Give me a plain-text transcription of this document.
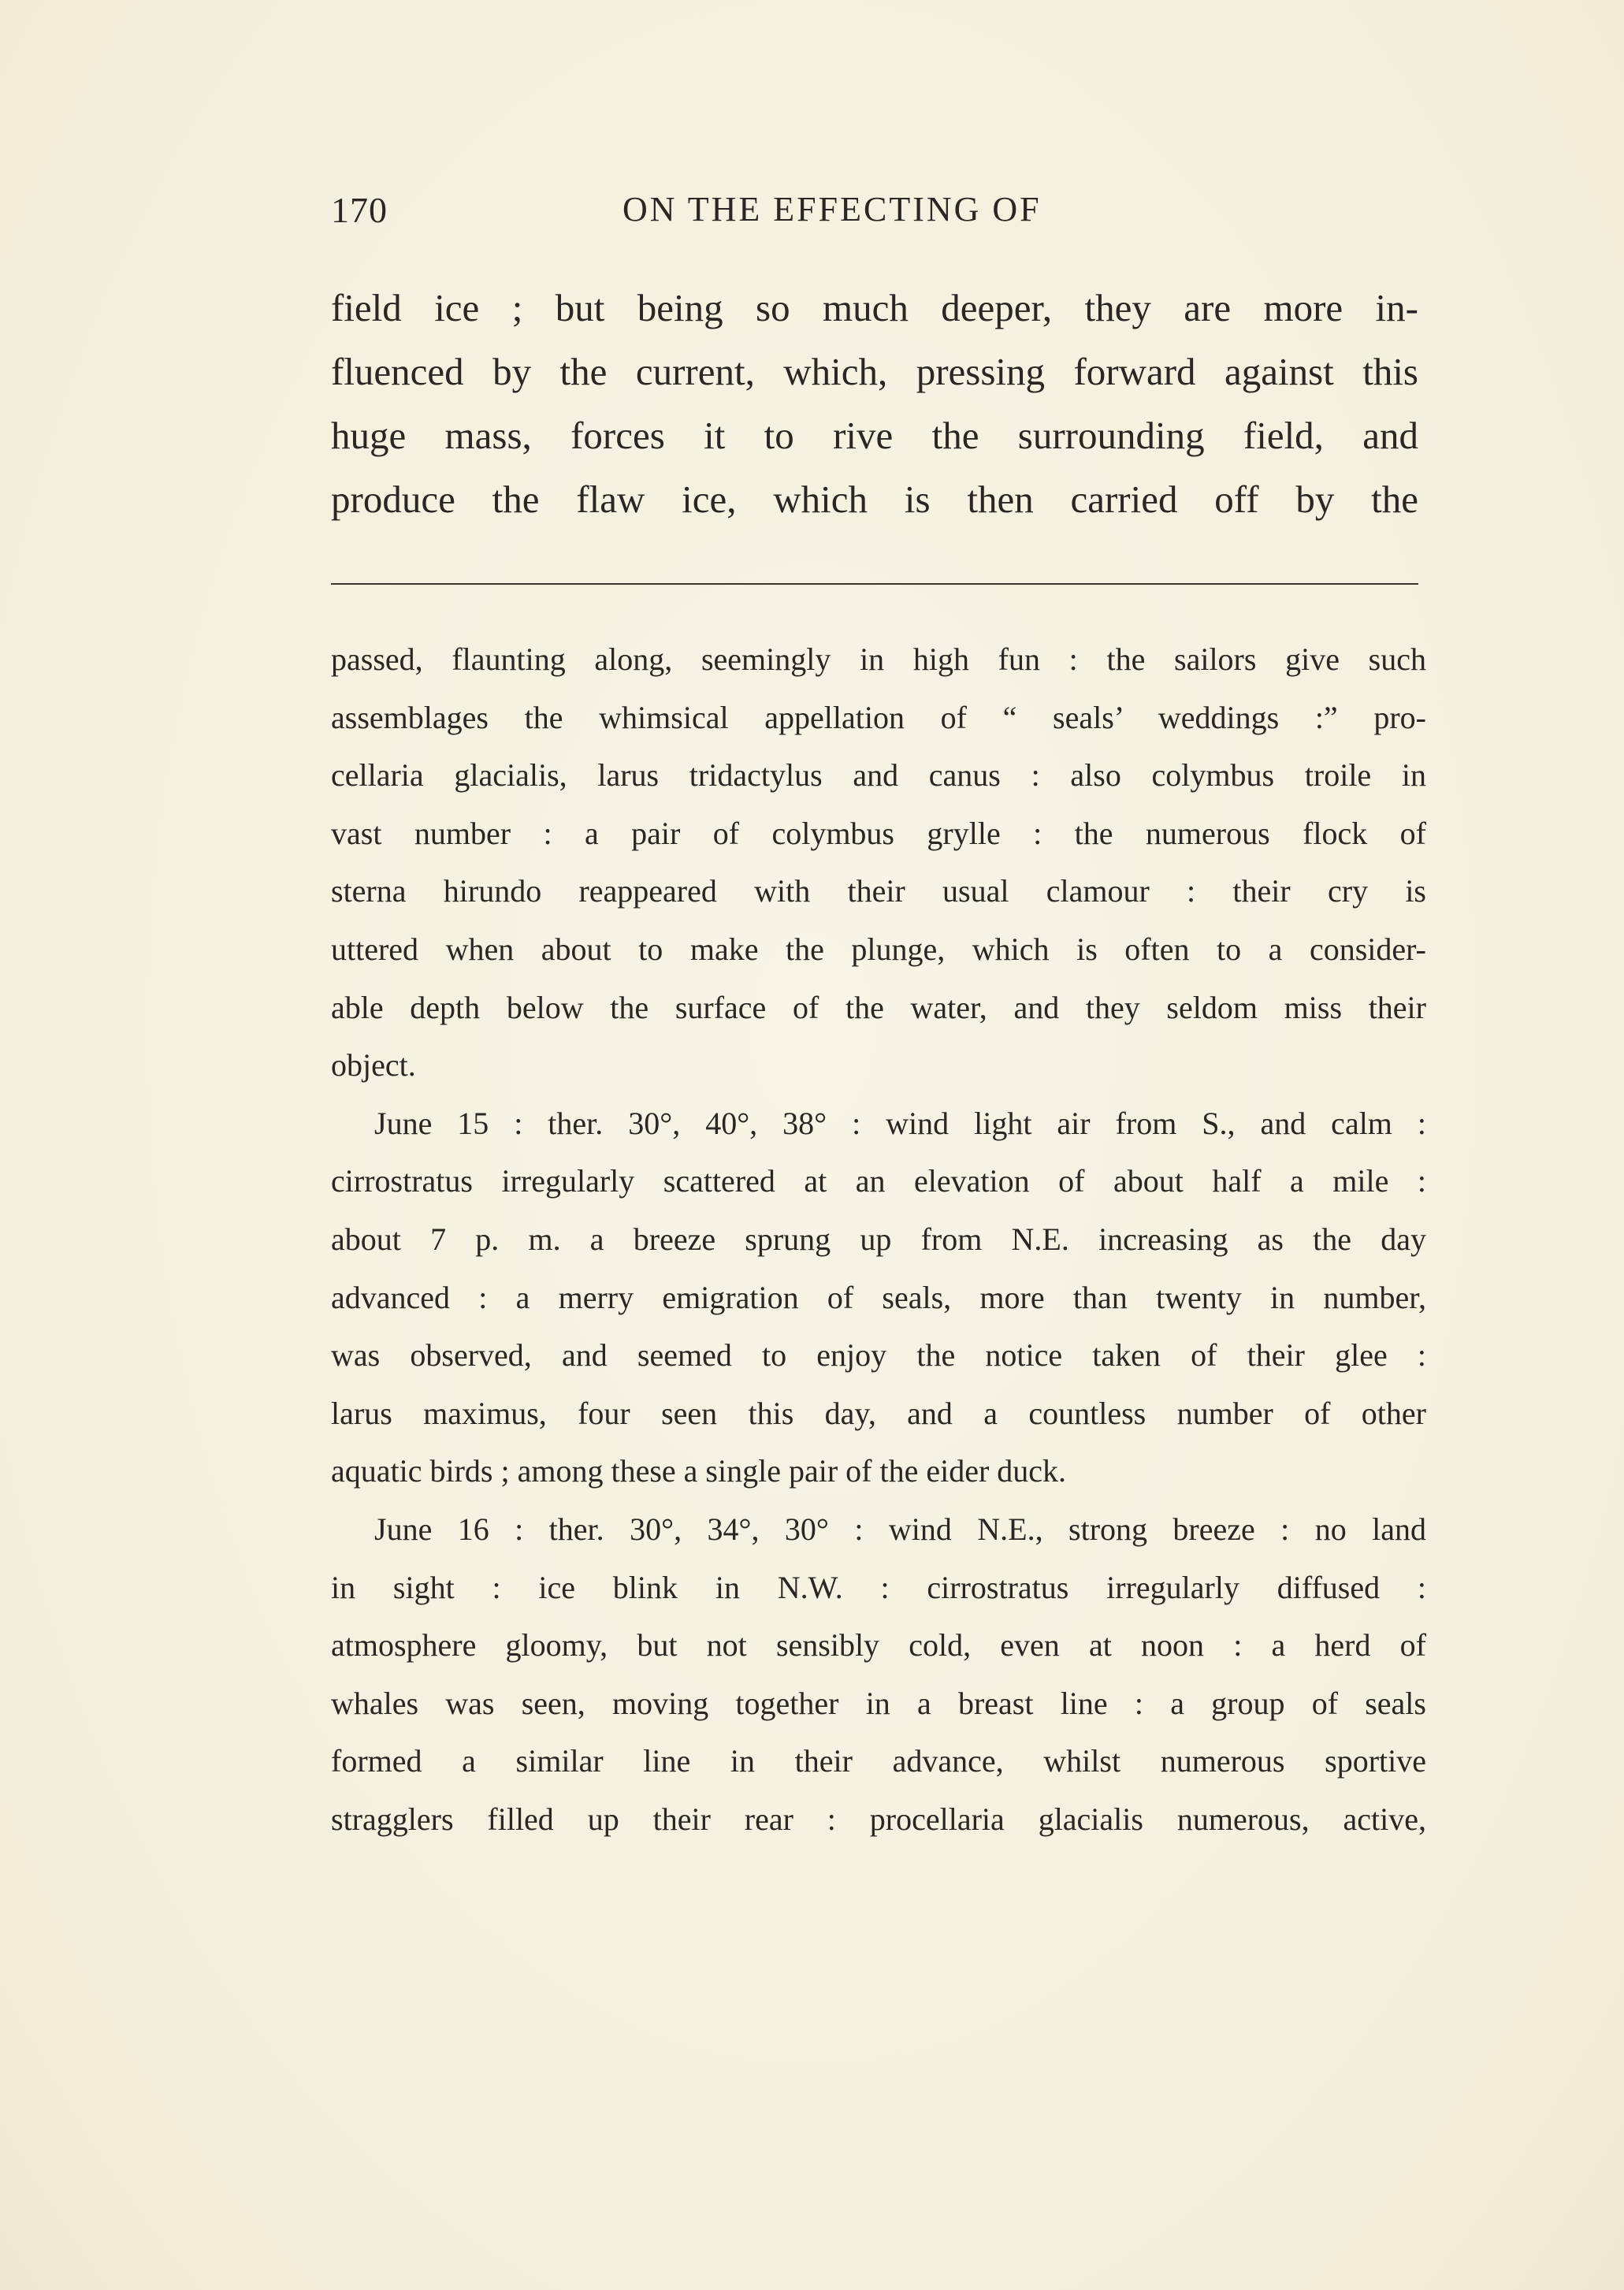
170	ON THE EFFECTING OF
field ice ; but being so much deeper, they are more in-
fluenced by the current, which, pressing forward against this
huge mass, forces it to rive the surrounding field, and
produce the flaw ice, which is then carried off by the
passed, flaunting along, seemingly in high fun : the sailors give such
assemblages the whimsical appellation of “ seals’ weddings :” pro-
cellaria glacialis, larus tridactylus and canus : also colymbus troile in
vast number : a pair of colymbus grylle : the numerous flock of
sterna hirundo reappeared with their usual clamour : their cry is
uttered when about to make the plunge, which is often to a consider-
able depth below the surface of the water, and they seldom miss their
object.
June 15 : ther. 30°, 40°, 38° : wind light air from S., and calm :
cirrostratus irregularly scattered at an elevation of about half a mile :
about 7 p. m. a breeze sprung up from N.E. increasing as the day
advanced : a merry emigration of seals, more than twenty in number,
was observed, and seemed to enjoy the notice taken of their glee :
larus maximus, four seen this day, and a countless number of other
aquatic birds ; among these a single pair of the eider duck.
June 16 : ther. 30°, 34°, 30° : wind N.E., strong breeze : no land
in sight : ice blink in N.W. : cirrostratus irregularly diffused :
atmosphere gloomy, but not sensibly cold, even at noon : a herd of
whales was seen, moving together in a breast line : a group of seals
formed a similar line in their advance, whilst numerous sportive
stragglers filled up their rear : procellaria glacialis numerous, active,
